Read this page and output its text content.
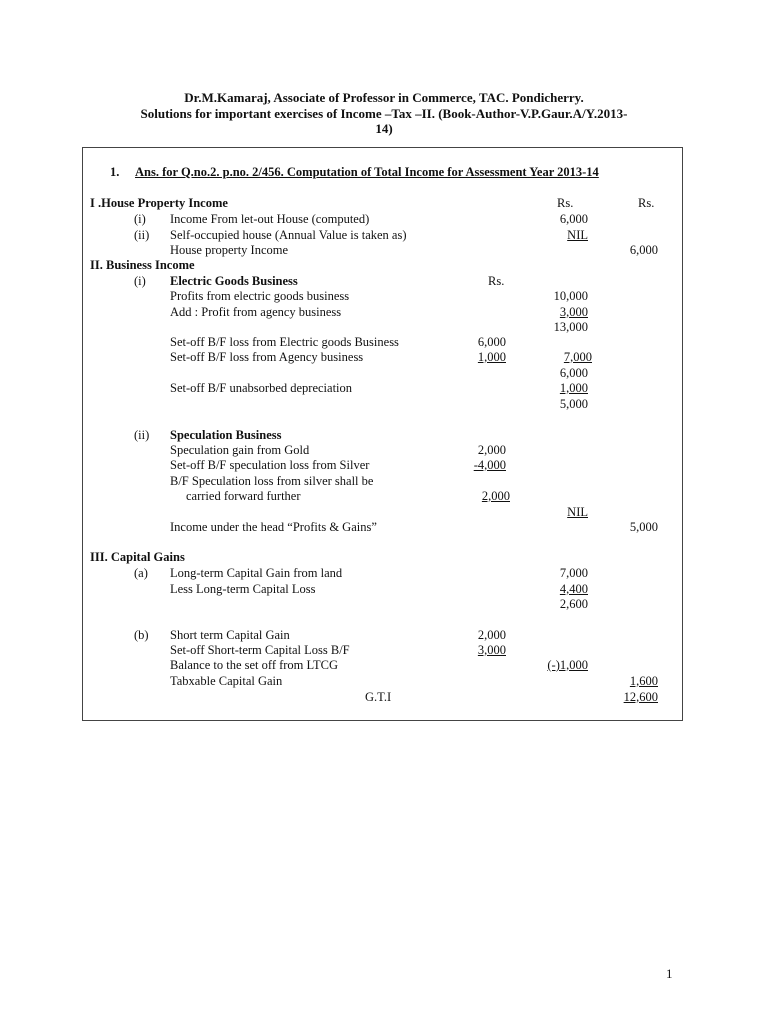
Dr.M.Kamaraj, Associate of Professor in Commerce, TAC. Pondicherry.
Solutions for important exercises of Income –Tax –II. (Book-Author-V.P.Gaur.A/Y.2013-
14)
1. Ans. for Q.no.2. p.no. 2/456. Computation of Total Income for Assessment Year 2013-14
I .House Property Income	Rs.	Rs.
(i) Income From let-out House (computed)	6,000
(ii) Self-occupied house (Annual Value is taken as)	NIL
House property Income	6,000
II. Business Income
(i) Electric Goods Business	Rs.
Profits from electric goods business	10,000
Add : Profit from agency business	3,000
13,000
Set-off B/F loss from Electric goods Business	6,000
Set-off B/F loss from Agency business	1,000	7,000
6,000
Set-off B/F unabsorbed depreciation	1,000
5,000
(ii) Speculation Business
Speculation gain from Gold	2,000
Set-off B/F speculation loss from Silver	-4,000
B/F Speculation loss from silver shall be
carried forward further	2,000
NIL
Income under the head “Profits & Gains”	5,000
III. Capital Gains
(a) Long-term Capital Gain from land	7,000
Less Long-term Capital Loss	4,400
2,600
(b) Short term Capital Gain	2,000
Set-off Short-term Capital Loss B/F	3,000
Balance to the set off from LTCG	(-)1,000
Tabxable Capital Gain	1,600
G.T.I	12,600
1
